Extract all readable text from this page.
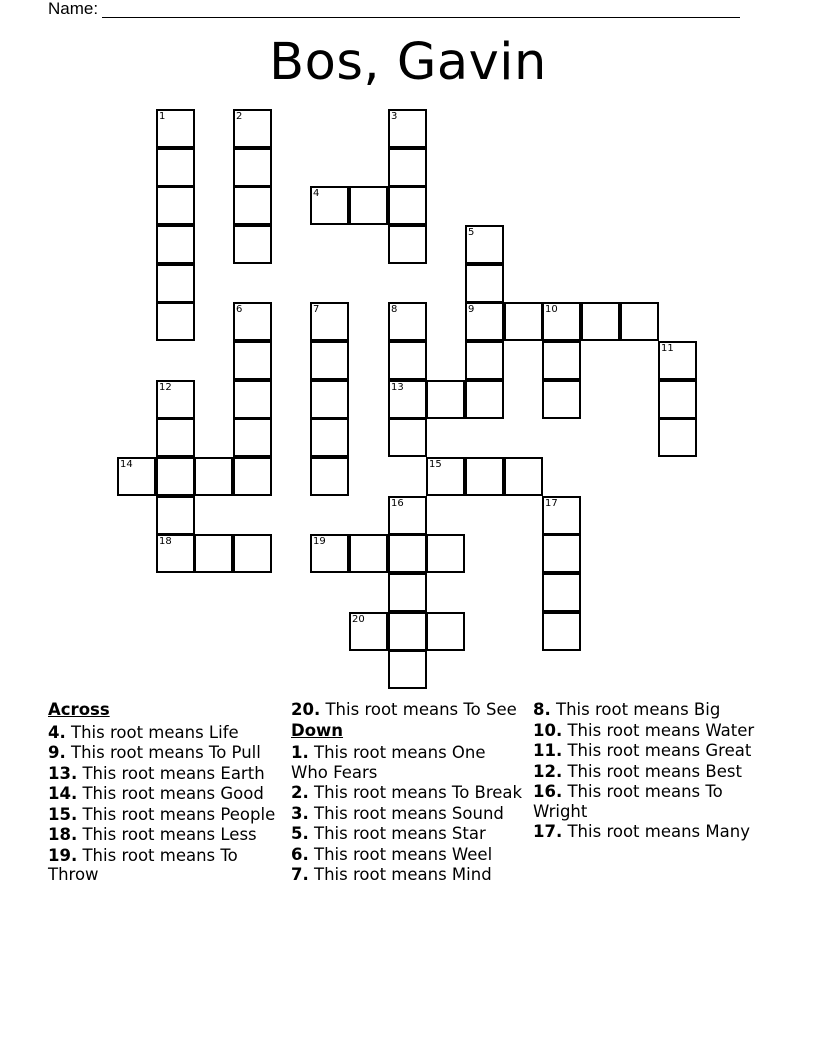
Name:
Bos, Gavin
1	2	3
4
5
9	10
11
6	7	8
13
12
18
14	15
16	17
19
20
Across
4. This root means Life
9. This root means To Pull
13. This root means Earth
14. This root means Good
15. This root means People
18. This root means Less
19. This root means To Throw
20. This root means To See
Down
1. This root means One Who Fears
2. This root means To Break
3. This root means Sound
5. This root means Star
6. This root means Weel
7. This root means Mind
8. This root means Big
10. This root means Water
11. This root means Great
12. This root means Best
16. This root means To Wright
17. This root means Many
